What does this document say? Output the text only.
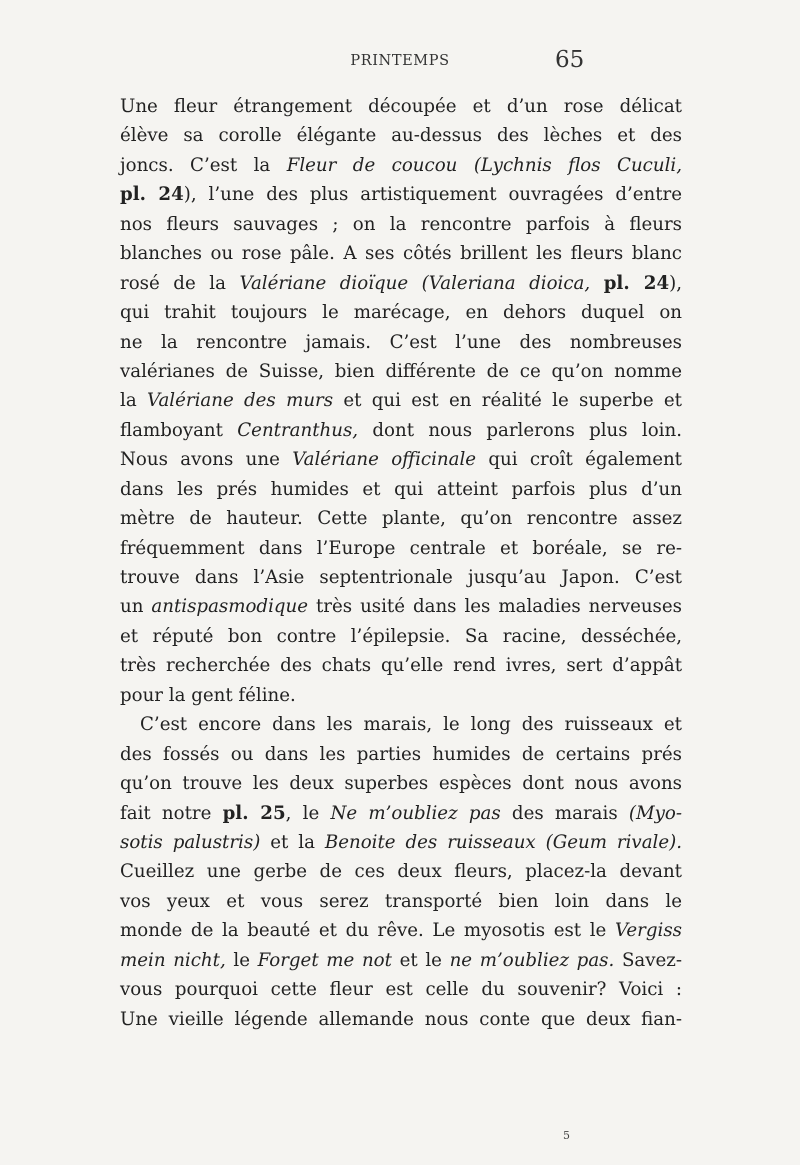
PRINTEMPS	65
Une fleur étrangement découpée et d’un rose délicat
élève sa corolle élégante au-dessus des lèches et des
joncs. C’est la Fleur de coucou (Lychnis flos Cuculi,
pl. 24), l’une des plus artistiquement ouvragées d’entre
nos fleurs sauvages ; on la rencontre parfois à fleurs
blanches ou rose pâle. A ses côtés brillent les fleurs blanc
rosé de la Valériane dioïque (Valeriana dioica, pl. 24),
qui trahit toujours le marécage, en dehors duquel on
ne la rencontre jamais. C’est l’une des nombreuses
valérianes de Suisse, bien différente de ce qu’on nomme
la Valériane des murs et qui est en réalité le superbe et
flamboyant Centranthus, dont nous parlerons plus loin.
Nous avons une Valériane officinale qui croît également
dans les prés humides et qui atteint parfois plus d’un
mètre de hauteur. Cette plante, qu’on rencontre assez
fréquemment dans l’Europe centrale et boréale, se re-
trouve dans l’Asie septentrionale jusqu’au Japon. C’est
un antispasmodique très usité dans les maladies nerveuses
et réputé bon contre l’épilepsie. Sa racine, desséchée,
très recherchée des chats qu’elle rend ivres, sert d’appât
pour la gent féline.
C’est encore dans les marais, le long des ruisseaux et
des fossés ou dans les parties humides de certains prés
qu’on trouve les deux superbes espèces dont nous avons
fait notre pl. 25, le Ne m’oubliez pas des marais (Myo-
sotis palustris) et la Benoite des ruisseaux (Geum rivale).
Cueillez une gerbe de ces deux fleurs, placez-la devant
vos yeux et vous serez transporté bien loin dans le
monde de la beauté et du rêve. Le myosotis est le Vergiss
mein nicht, le Forget me not et le ne m’oubliez pas. Savez-
vous pourquoi cette fleur est celle du souvenir? Voici :
Une vieille légende allemande nous conte que deux fian-
5
